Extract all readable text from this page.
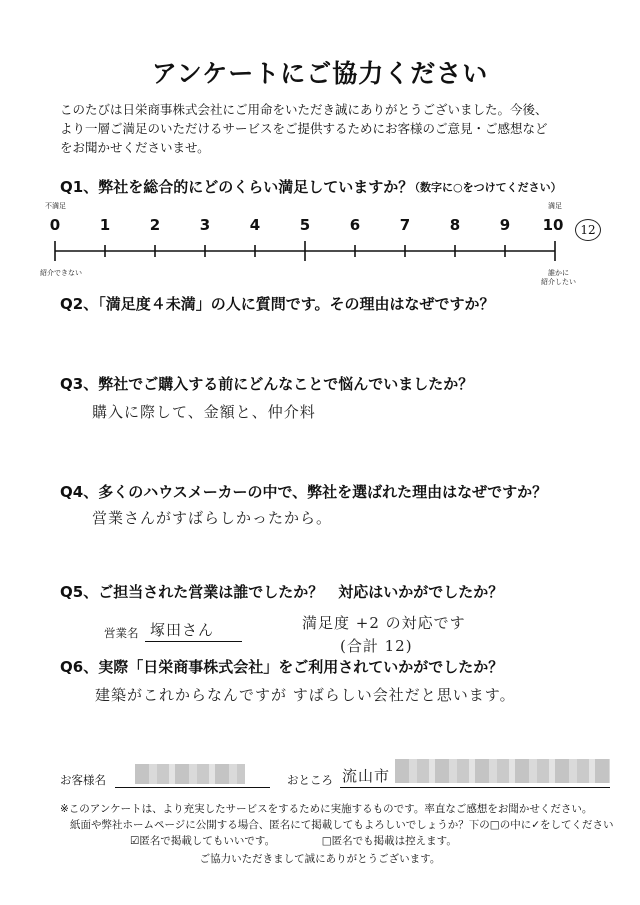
アンケートにご協力ください
このたびは日栄商事株式会社にご用命をいただき誠にありがとうございました。今後、
より一層ご満足のいただけるサービスをご提供するためにお客様のご意見・ご感想など
をお聞かせくださいませ。
Q1、弊社を総合的にどのくらい満足していますか？
（数字に○をつけてください）
不満足	満足
0	1	2	3	4	5	6	7	8	9	10	12
紹介できない	誰かに
紹介したい
Q2、「満足度４未満」の人に質問です。その理由はなぜですか？
Q3、弊社でご購入する前にどんなことで悩んでいましたか？
購入に際して、金額と、仲介料
Q4、多くのハウスメーカーの中で、弊社を選ばれた理由はなぜですか？
営業さんがすばらしかったから。
Q5、ご担当された営業は誰でしたか？　対応はいかがでしたか？
営業名 塚田さん	満足度 +2 の対応です
(合計 12)
Q6、実際「日栄商事株式会社」をご利用されていかがでしたか？
建築がこれからなんですが すばらしい会社だと思います。
お客様名	おところ 流山市
※このアンケートは、より充実したサービスをするために実施するものです。率直なご感想をお聞かせください。
紙面や弊社ホームページに公開する場合、匿名にて掲載してもよろしいでしょうか？下の□の中に✓をしてください
☑匿名で掲載してもいいです。	□匿名でも掲載は控えます。
ご協力いただきまして誠にありがとうございます。
